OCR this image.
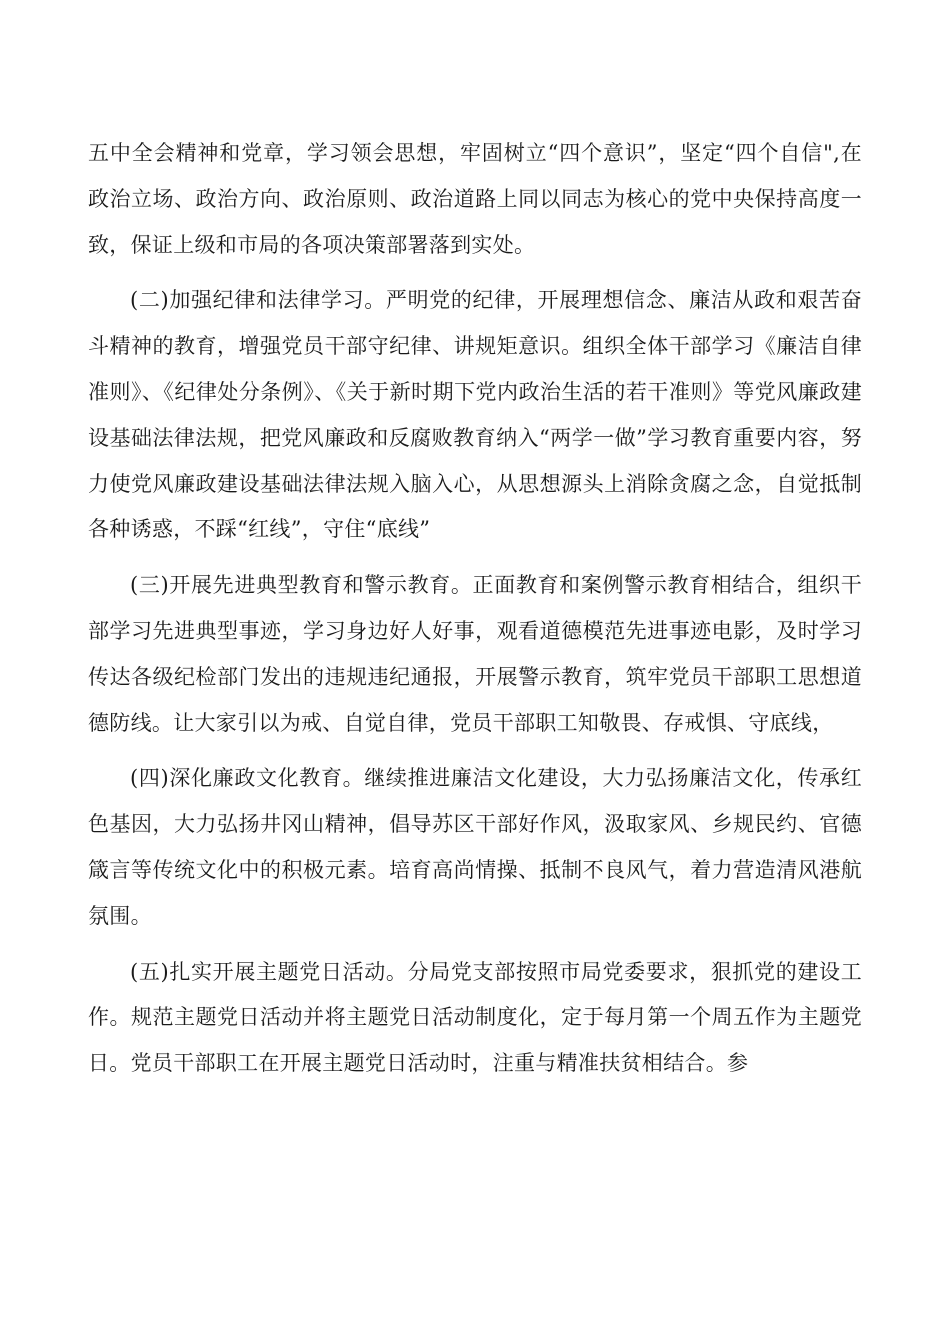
五中全会精神和党章，学习领会思想，牢固树立“四个意识”，坚定“四个自信",在政治立场、政治方向、政治原则、政治道路上同以同志为核心的党中央保持高度一致，保证上级和市局的各项决策部署落到实处。

(二)加强纪律和法律学习。严明党的纪律，开展理想信念、廉洁从政和艰苦奋斗精神的教育，增强党员干部守纪律、讲规矩意识。组织全体干部学习《廉洁自律准则》、《纪律处分条例》、《关于新时期下党内政治生活的若干准则》等党风廉政建设基础法律法规，把党风廉政和反腐败教育纳入“两学一做”学习教育重要内容，努力使党风廉政建设基础法律法规入脑入心，从思想源头上消除贪腐之念，自觉抵制各种诱惑，不踩“红线”，守住“底线”

(三)开展先进典型教育和警示教育。正面教育和案例警示教育相结合，组织干部学习先进典型事迹，学习身边好人好事，观看道德模范先进事迹电影，及时学习传达各级纪检部门发出的违规违纪通报，开展警示教育，筑牢党员干部职工思想道德防线。让大家引以为戒、自觉自律，党员干部职工知敬畏、存戒惧、守底线，

(四)深化廉政文化教育。继续推进廉洁文化建设，大力弘扬廉洁文化，传承红色基因，大力弘扬井冈山精神，倡导苏区干部好作风，汲取家风、乡规民约、官德箴言等传统文化中的积极元素。培育高尚情操、抵制不良风气，着力营造清风港航氛围。

(五)扎实开展主题党日活动。分局党支部按照市局党委要求，狠抓党的建设工作。规范主题党日活动并将主题党日活动制度化，定于每月第一个周五作为主题党日。党员干部职工在开展主题党日活动时，注重与精准扶贫相结合。参
